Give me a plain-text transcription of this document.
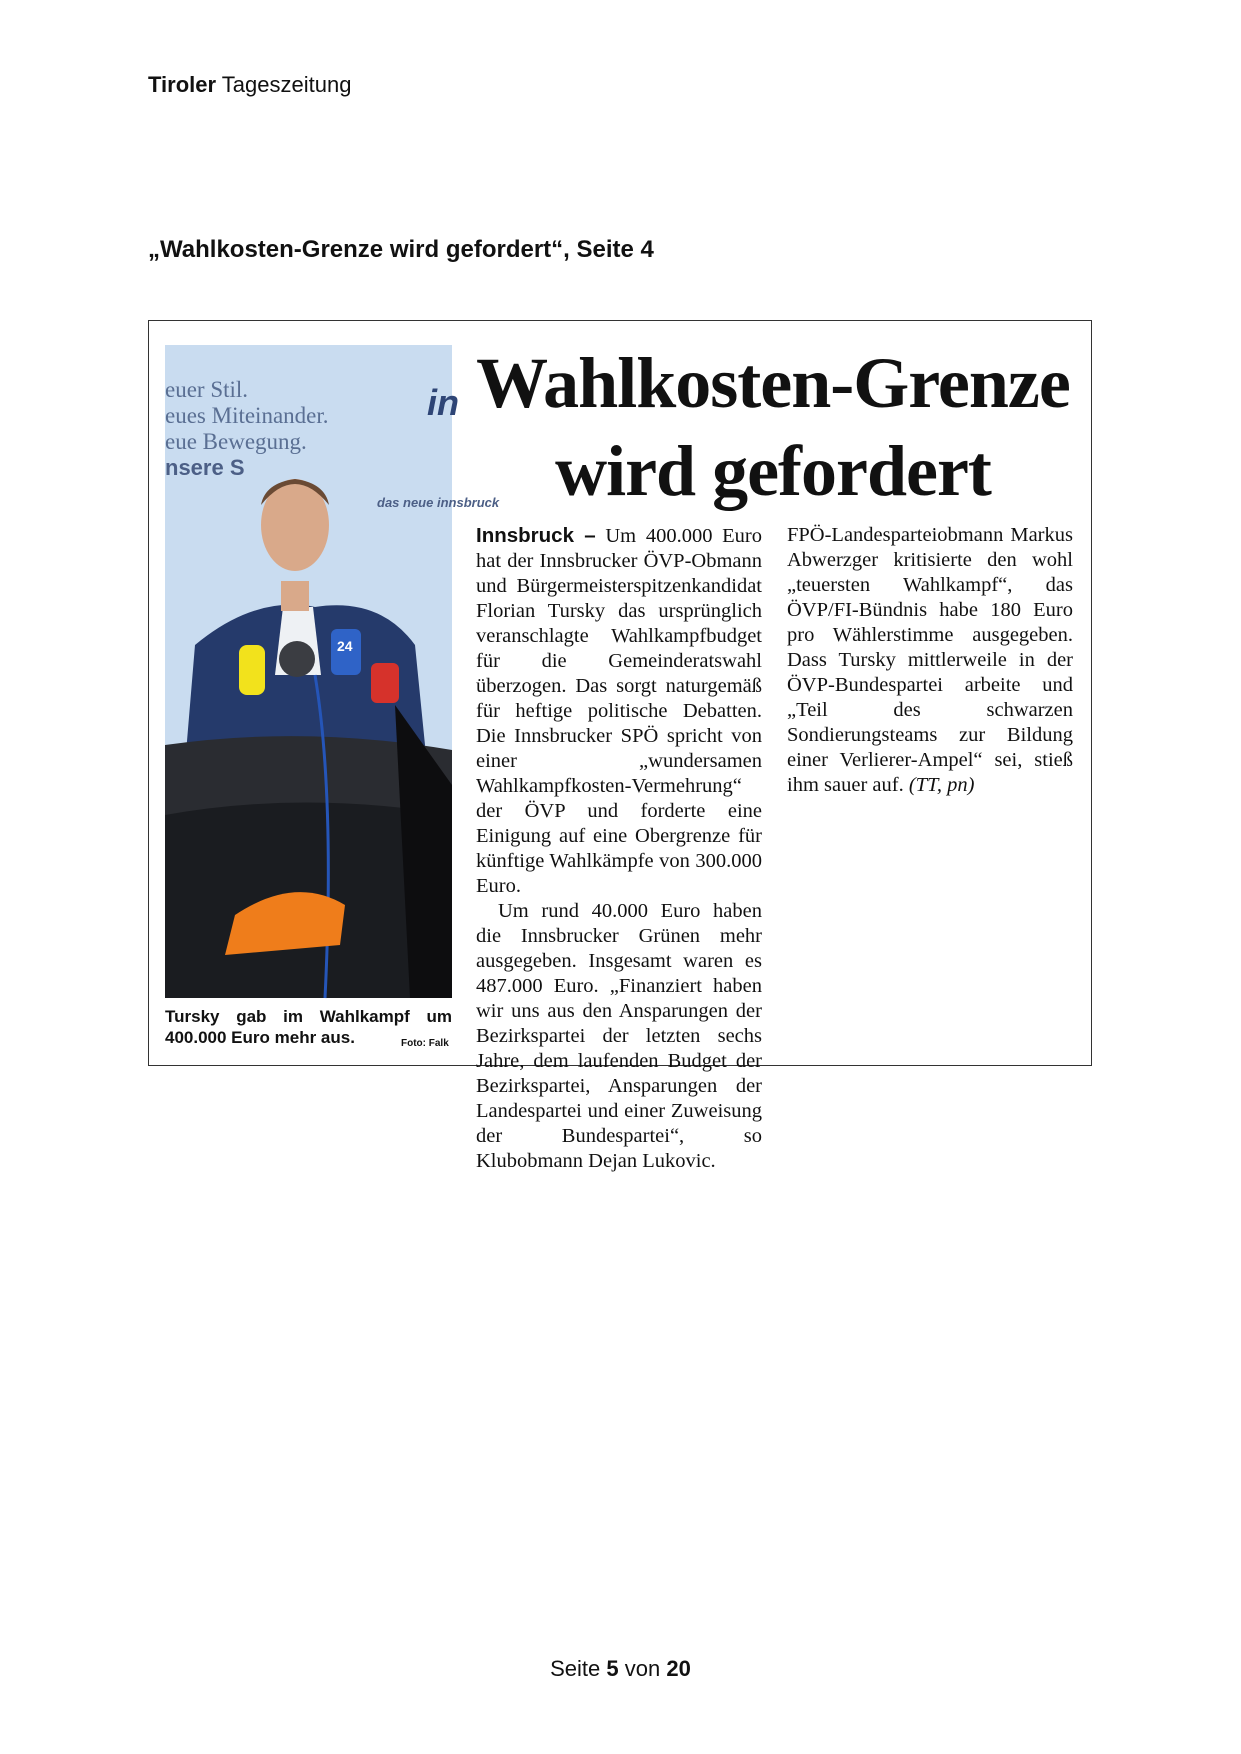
Tiroler Tageszeitung
„Wahlkosten-Grenze wird gefordert“, Seite 4
euer Stil.
eues Miteinander.
eue Bewegung.
nsere S
das neue innsbruck
in
24
Tursky gab im Wahlkampf um 400.000 Euro mehr aus.	Foto: Falk
Wahlkosten-Grenze
wird gefordert

Innsbruck – Um 400.000 Euro hat der Innsbrucker ÖVP-Obmann und Bürgermeisterspitzenkandidat Florian Tursky das ursprünglich veranschlagte Wahlkampfbudget für die Gemeinderatswahl überzogen. Das sorgt naturgemäß für heftige politische Debatten. Die Innsbrucker SPÖ spricht von einer „wundersamen Wahlkampfkosten-Vermehrung“ der ÖVP und forderte eine Einigung auf eine Obergrenze für künftige Wahlkämpfe von 300.000 Euro.

Um rund 40.000 Euro haben die Innsbrucker Grünen mehr ausgegeben. Insgesamt waren es 487.000 Euro. „Finanziert haben wir uns aus den Ansparungen der Bezirkspartei der letzten sechs Jahre, dem laufenden Budget der Bezirkspartei, Ansparungen der Landespartei und einer Zuweisung der Bundespartei“, so Klubobmann Dejan Lukovic.

FPÖ-Landesparteiobmann Markus Abwerzger kritisierte den wohl „teuersten Wahlkampf“, das ÖVP/FI-Bündnis habe 180 Euro pro Wählerstimme ausgegeben. Dass Tursky mittlerweile in der ÖVP-Bundespartei arbeite und „Teil des schwarzen Sondierungsteams zur Bildung einer Verlierer-Ampel“ sei, stieß ihm sauer auf. (TT, pn)

Seite 5 von 20
